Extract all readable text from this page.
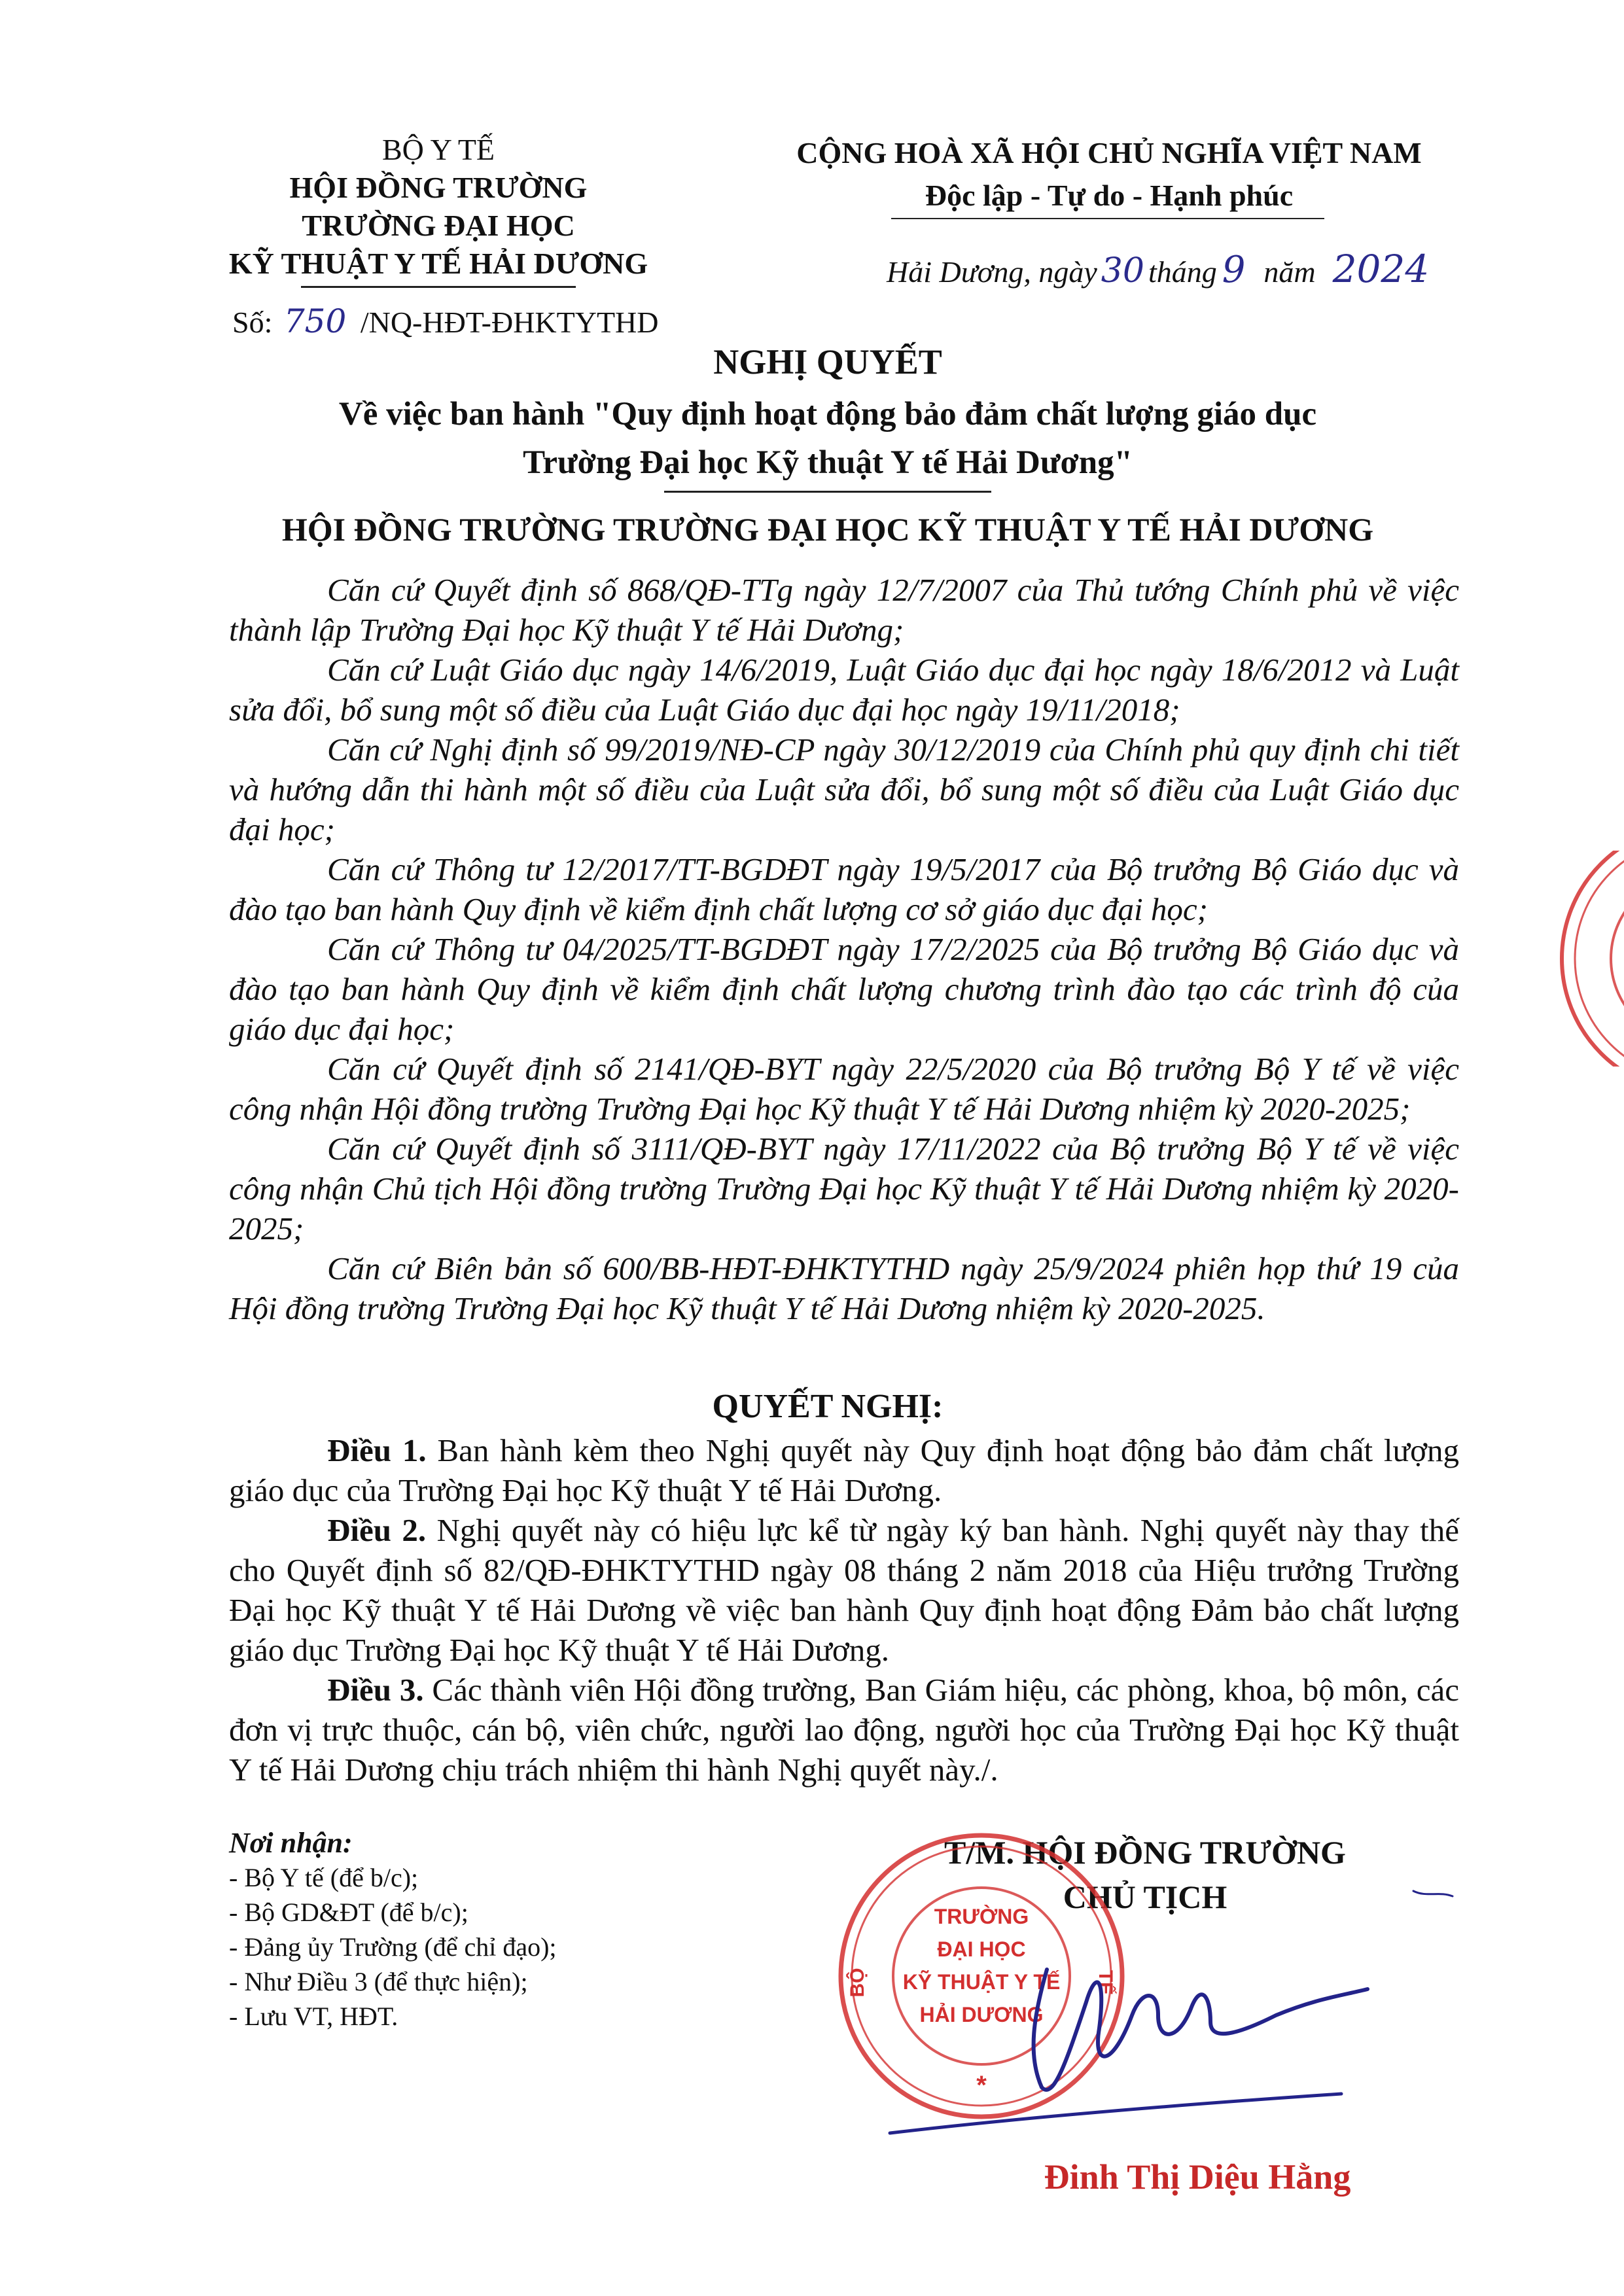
BỘ Y TẾ
HỘI ĐỒNG TRƯỜNG
TRƯỜNG ĐẠI HỌC
KỸ THUẬT Y TẾ HẢI DƯƠNG
Số: 750 /NQ-HĐT-ĐHKTYTHD
CỘNG HOÀ XÃ HỘI CHỦ NGHĨA VIỆT NAM
Độc lập - Tự do - Hạnh phúc
Hải Dương, ngày 30 tháng 9 năm 2024
NGHỊ QUYẾT
Về việc ban hành "Quy định hoạt động bảo đảm chất lượng giáo dục
Trường Đại học Kỹ thuật Y tế Hải Dương"
HỘI ĐỒNG TRƯỜNG TRƯỜNG ĐẠI HỌC KỸ THUẬT Y TẾ HẢI DƯƠNG

Căn cứ Quyết định số 868/QĐ-TTg ngày 12/7/2007 của Thủ tướng Chính phủ về việc thành lập Trường Đại học Kỹ thuật Y tế Hải Dương;

Căn cứ Luật Giáo dục ngày 14/6/2019, Luật Giáo dục đại học ngày 18/6/2012 và Luật sửa đổi, bổ sung một số điều của Luật Giáo dục đại học ngày 19/11/2018;

Căn cứ Nghị định số 99/2019/NĐ-CP ngày 30/12/2019 của Chính phủ quy định chi tiết và hướng dẫn thi hành một số điều của Luật sửa đổi, bổ sung một số điều của Luật Giáo dục đại học;

Căn cứ Thông tư 12/2017/TT-BGDĐT ngày 19/5/2017 của Bộ trưởng Bộ Giáo dục và đào tạo ban hành Quy định về kiểm định chất lượng cơ sở giáo dục đại học;

Căn cứ Thông tư 04/2025/TT-BGDĐT ngày 17/2/2025 của Bộ trưởng Bộ Giáo dục và đào tạo ban hành Quy định về kiểm định chất lượng chương trình đào tạo các trình độ của giáo dục đại học;

Căn cứ Quyết định số 2141/QĐ-BYT ngày 22/5/2020 của Bộ trưởng Bộ Y tế về việc công nhận Hội đồng trường Trường Đại học Kỹ thuật Y tế Hải Dương nhiệm kỳ 2020-2025;

Căn cứ Quyết định số 3111/QĐ-BYT ngày 17/11/2022 của Bộ trưởng Bộ Y tế về việc công nhận Chủ tịch Hội đồng trường Trường Đại học Kỹ thuật Y tế Hải Dương nhiệm kỳ 2020-2025;

Căn cứ Biên bản số 600/BB-HĐT-ĐHKTYTHD ngày 25/9/2024 phiên họp thứ 19 của Hội đồng trường Trường Đại học Kỹ thuật Y tế Hải Dương nhiệm kỳ 2020-2025.

QUYẾT NGHỊ:

Điều 1. Ban hành kèm theo Nghị quyết này Quy định hoạt động bảo đảm chất lượng giáo dục của Trường Đại học Kỹ thuật Y tế Hải Dương.

Điều 2. Nghị quyết này có hiệu lực kể từ ngày ký ban hành. Nghị quyết này thay thế cho Quyết định số 82/QĐ-ĐHKTYTHD ngày 08 tháng 2 năm 2018 của Hiệu trưởng Trường Đại học Kỹ thuật Y tế Hải Dương về việc ban hành Quy định hoạt động Đảm bảo chất lượng giáo dục Trường Đại học Kỹ thuật Y tế Hải Dương.

Điều 3. Các thành viên Hội đồng trường, Ban Giám hiệu, các phòng, khoa, bộ môn, các đơn vị trực thuộc, cán bộ, viên chức, người lao động, người học của Trường Đại học Kỹ thuật Y tế Hải Dương chịu trách nhiệm thi hành Nghị quyết này./.

Nơi nhận:
- Bộ Y tế (để b/c);
- Bộ GD&ĐT (để b/c);
- Đảng ủy Trường (để chỉ đạo);
- Như Điều 3 (để thực hiện);
- Lưu VT, HĐT.
T/M. HỘI ĐỒNG TRƯỜNG
CHỦ TỊCH
BỘ	TẾ
TRƯỜNG
ĐẠI HỌC
KỸ THUẬT Y TẾ
HẢI DƯƠNG
*
Đinh Thị Diệu Hằng
